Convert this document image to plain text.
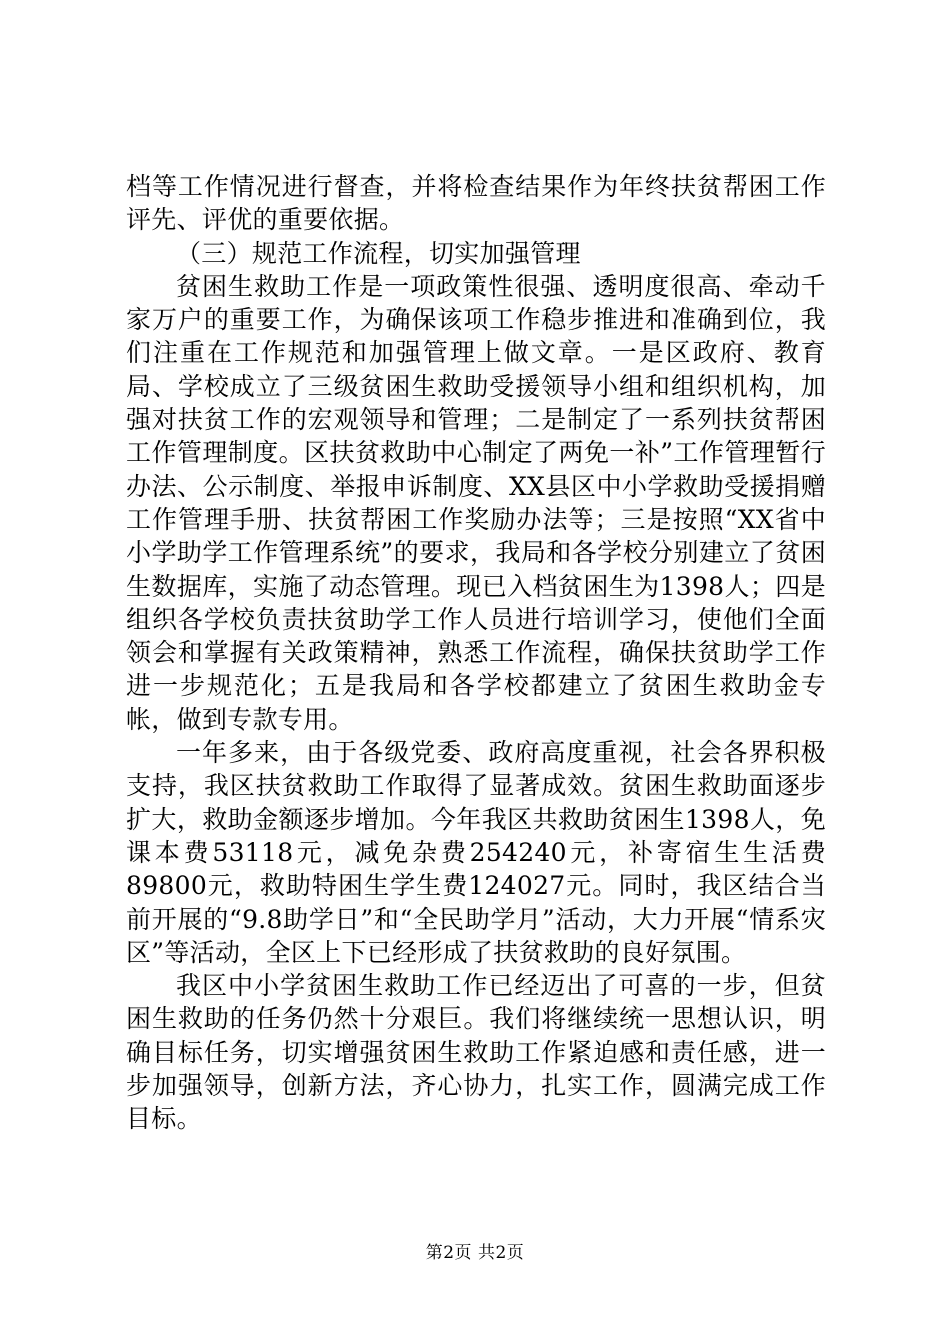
档等工作情况进行督查，并将检查结果作为年终扶贫帮困工作评先、评优的重要依据。

（三）规范工作流程，切实加强管理

贫困生救助工作是一项政策性很强、透明度很高、牵动千家万户的重要工作，为确保该项工作稳步推进和准确到位，我们注重在工作规范和加强管理上做文章。一是区政府、教育局、学校成立了三级贫困生救助受援领导小组和组织机构，加强对扶贫工作的宏观领导和管理；二是制定了一系列扶贫帮困工作管理制度。区扶贫救助中心制定了两免一补”工作管理暂行办法、公示制度、举报申诉制度、XX县区中小学救助受援捐赠工作管理手册、扶贫帮困工作奖励办法等；三是按照“XX省中小学助学工作管理系统”的要求，我局和各学校分别建立了贫困生数据库，实施了动态管理。现已入档贫困生为1398人；四是组织各学校负责扶贫助学工作人员进行培训学习，使他们全面领会和掌握有关政策精神，熟悉工作流程，确保扶贫助学工作进一步规范化；五是我局和各学校都建立了贫困生救助金专帐，做到专款专用。

一年多来，由于各级党委、政府高度重视，社会各界积极支持，我区扶贫救助工作取得了显著成效。贫困生救助面逐步扩大，救助金额逐步增加。今年我区共救助贫困生1398人，免课本费53118元，减免杂费254240元，补寄宿生生活费89800元，救助特困生学生费124027元。同时，我区结合当前开展的“9.8助学日”和“全民助学月”活动，大力开展“情系灾区”等活动，全区上下已经形成了扶贫救助的良好氛围。

我区中小学贫困生救助工作已经迈出了可喜的一步，但贫困生救助的任务仍然十分艰巨。我们将继续统一思想认识，明确目标任务，切实增强贫困生救助工作紧迫感和责任感，进一步加强领导，创新方法，齐心协力，扎实工作，圆满完成工作目标。

第2页 共2页
